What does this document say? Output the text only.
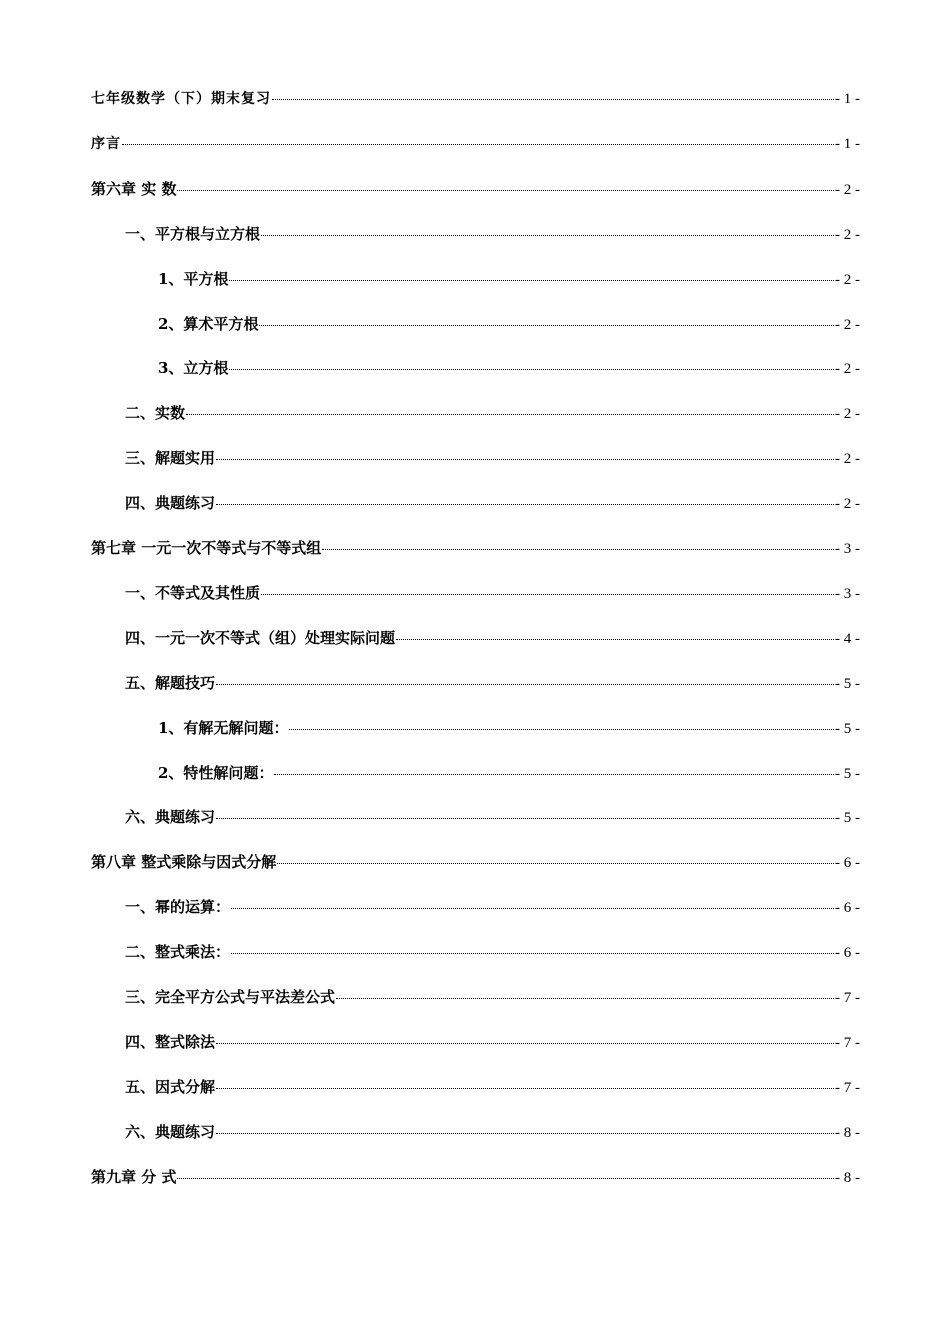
七年级数学（下）期末复习	- 1 -
序言	- 1 -
第六章 实 数	- 2 -
一、平方根与立方根	- 2 -
1、平方根	- 2 -
2、算术平方根	- 2 -
3、立方根	- 2 -
二、实数	- 2 -
三、解题实用	- 2 -
四、典题练习	- 2 -
第七章 一元一次不等式与不等式组	- 3 -
一、不等式及其性质	- 3 -
四、一元一次不等式（组）处理实际问题	- 4 -
五、解题技巧	- 5 -
1、有解无解问题：	- 5 -
2、特性解问题：	- 5 -
六、典题练习	- 5 -
第八章 整式乘除与因式分解	- 6 -
一、幂的运算：	- 6 -
二、整式乘法：	- 6 -
三、完全平方公式与平法差公式	- 7 -
四、整式除法	- 7 -
五、因式分解	- 7 -
六、典题练习	- 8 -
第九章 分 式	- 8 -
